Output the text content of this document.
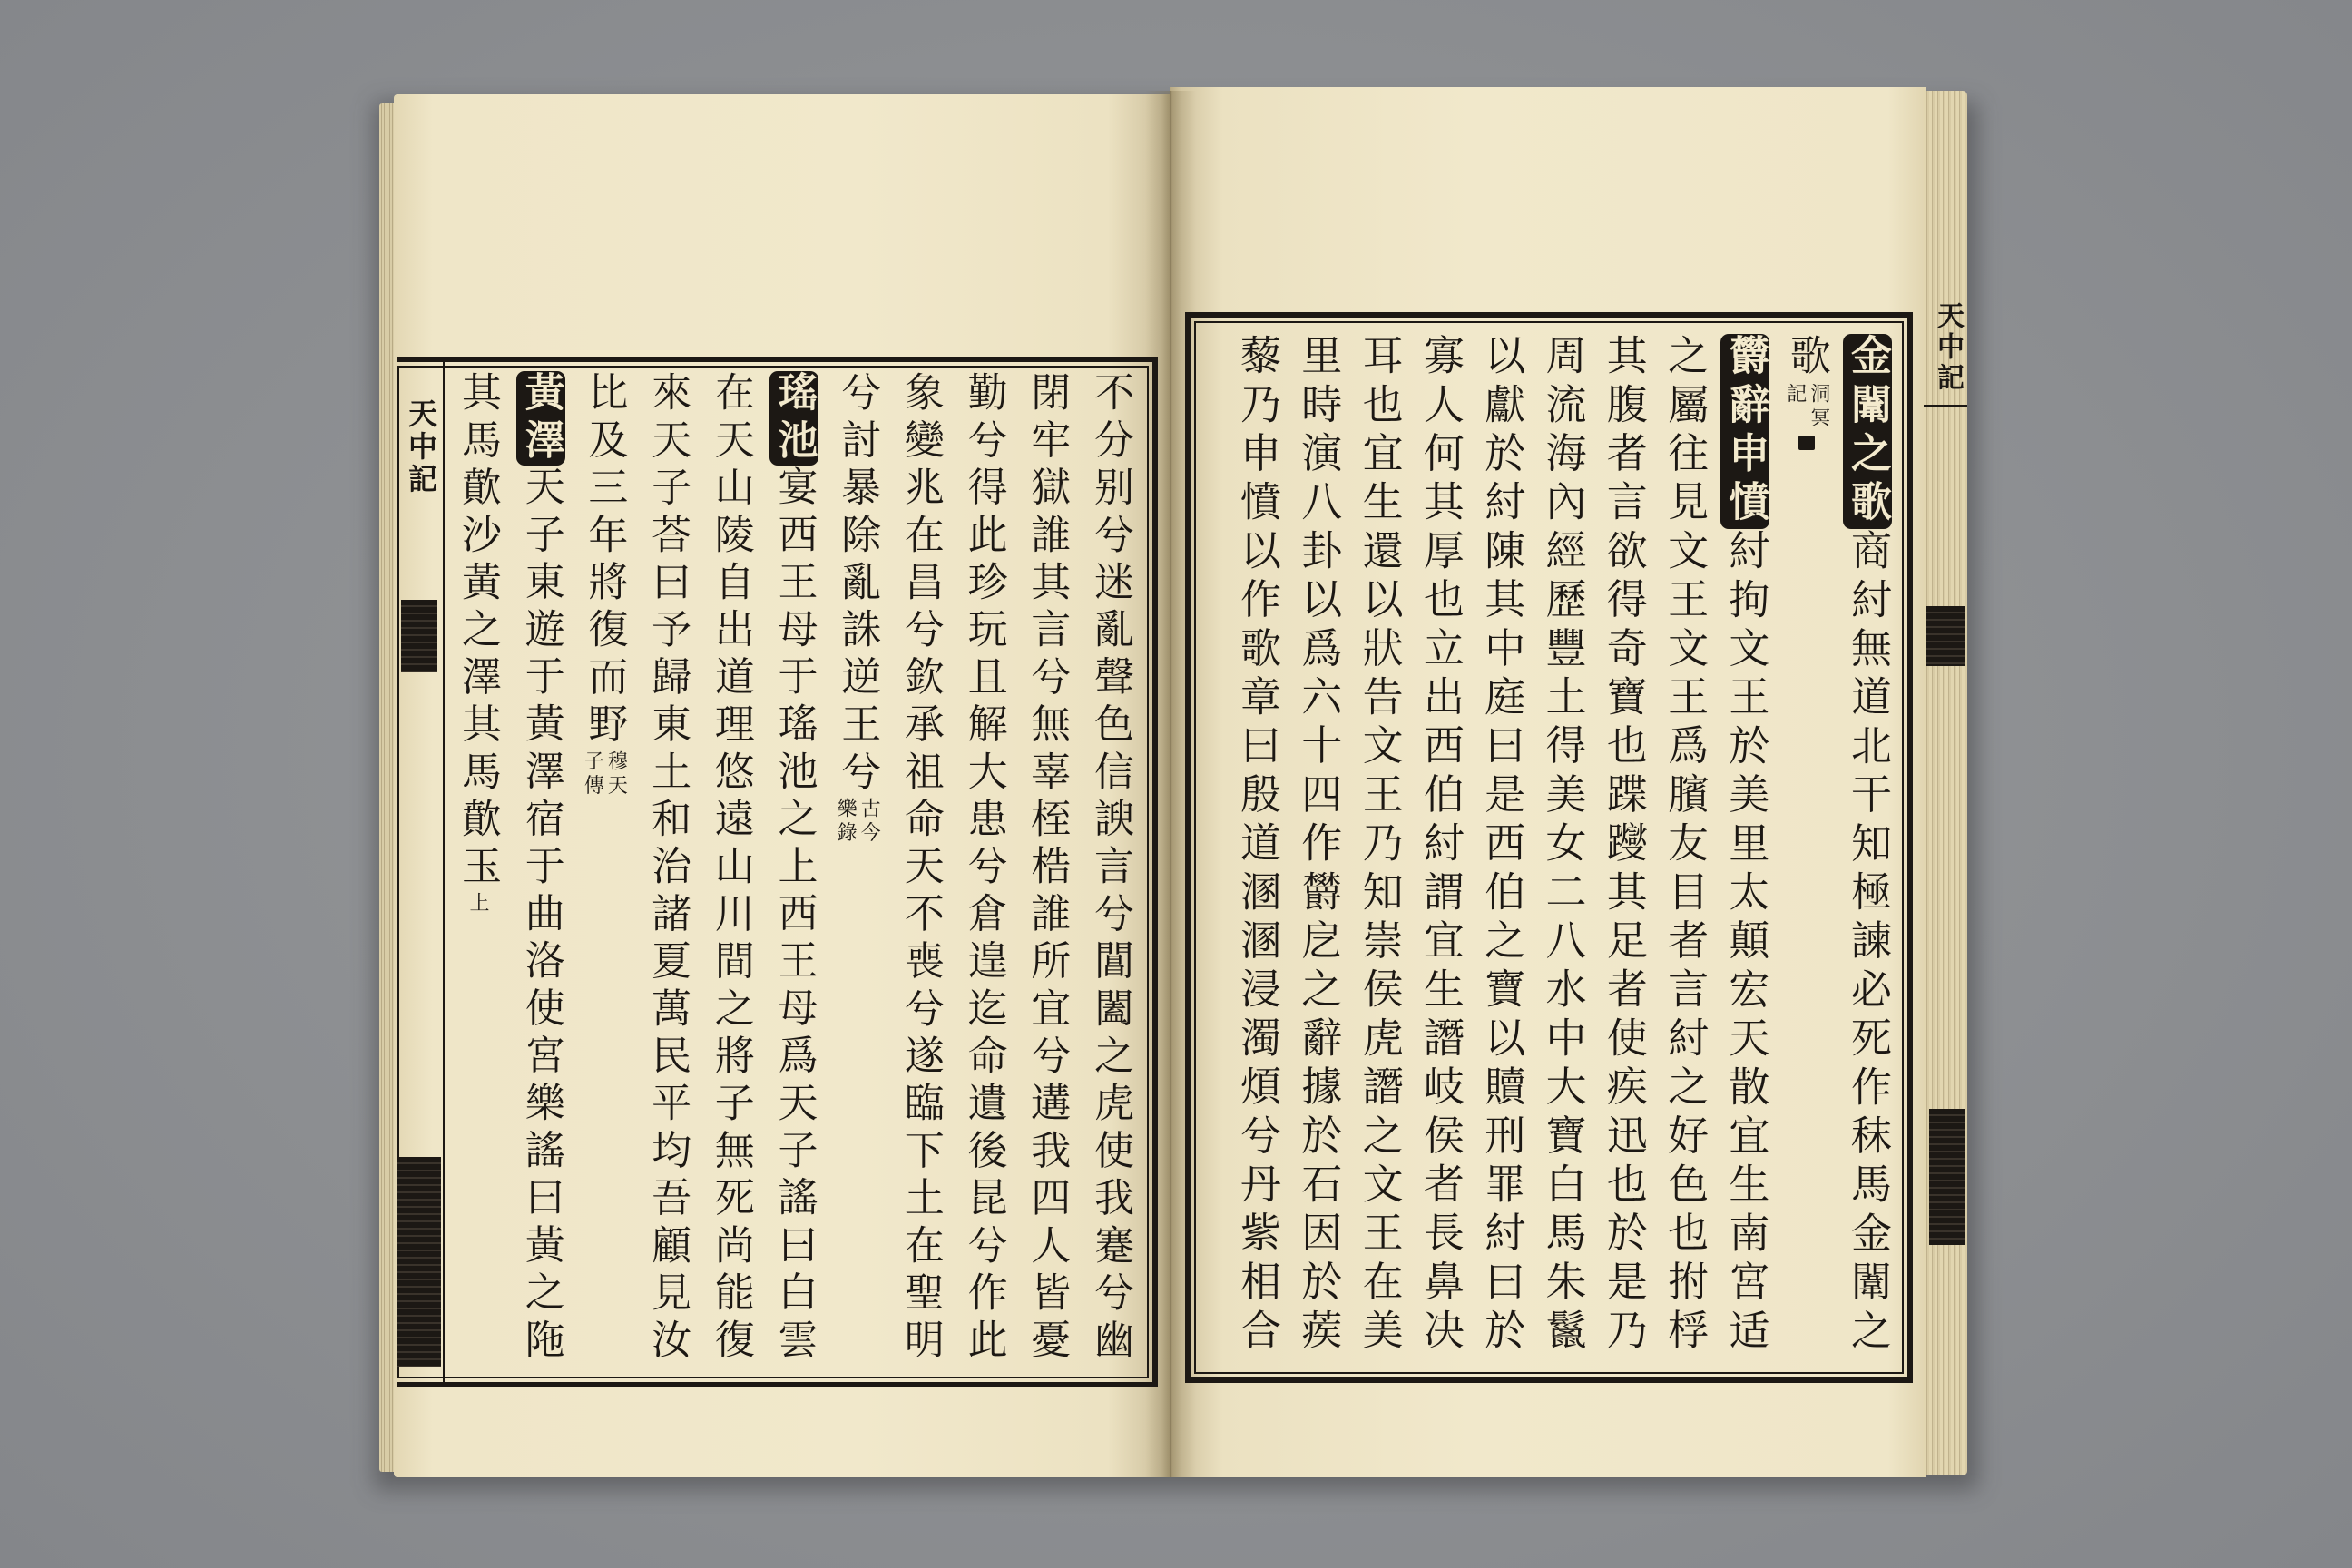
天中記	不分别兮迷亂聲色信諛言兮閶闔之虎使我蹇兮幽
閉牢獄誰其言兮無辜桎梏誰所宜兮遘我四人皆憂
勤兮得此珍玩且解大患兮倉遑迄命遺後昆兮作此
象變兆在昌兮欽承祖命天不喪兮遂臨下土在聖明
兮討暴除亂誅逆王兮
古今樂錄
瑤池
宴西王母于瑤池之上西王母爲天子謠曰白雲
在天山陵自出道理悠遠山川間之將子無死尚能復
來天子荅曰予歸東土和治諸夏萬民平均吾顧見汝
比及三年將復而野
穆天子傳
黃澤
天子東遊于黃澤宿于曲洛使宮樂謠曰黃之陁
其馬歕沙黃之澤其馬歕玉
上
金闈之歌
商紂無道北干知極諫必死作秣馬金闈之
歌
洞冥記
欝辭申憤
紂拘文王於美里太顛宏天散宜生南宮适
之屬往見文王文王爲臏友目者言紂之好色也拊桴
其腹者言欲得奇寶也蹀躞其足者使疾迅也於是乃
周流海內經歷豐土得美女二八水中大寶白馬朱鬣
以獻於紂陳其中庭曰是西伯之寶以贖刑罪紂曰於
寡人何其厚也立出西伯紂謂宜生譖岐侯者長鼻决
耳也宜生還以狀告文王乃知崇侯虎譖之文王在美
里時演八卦以爲六十四作欝戹之辭據於石因於蒺
藜乃申憤以作歌章曰殷道溷溷浸濁煩兮丹紫相合	天中記
